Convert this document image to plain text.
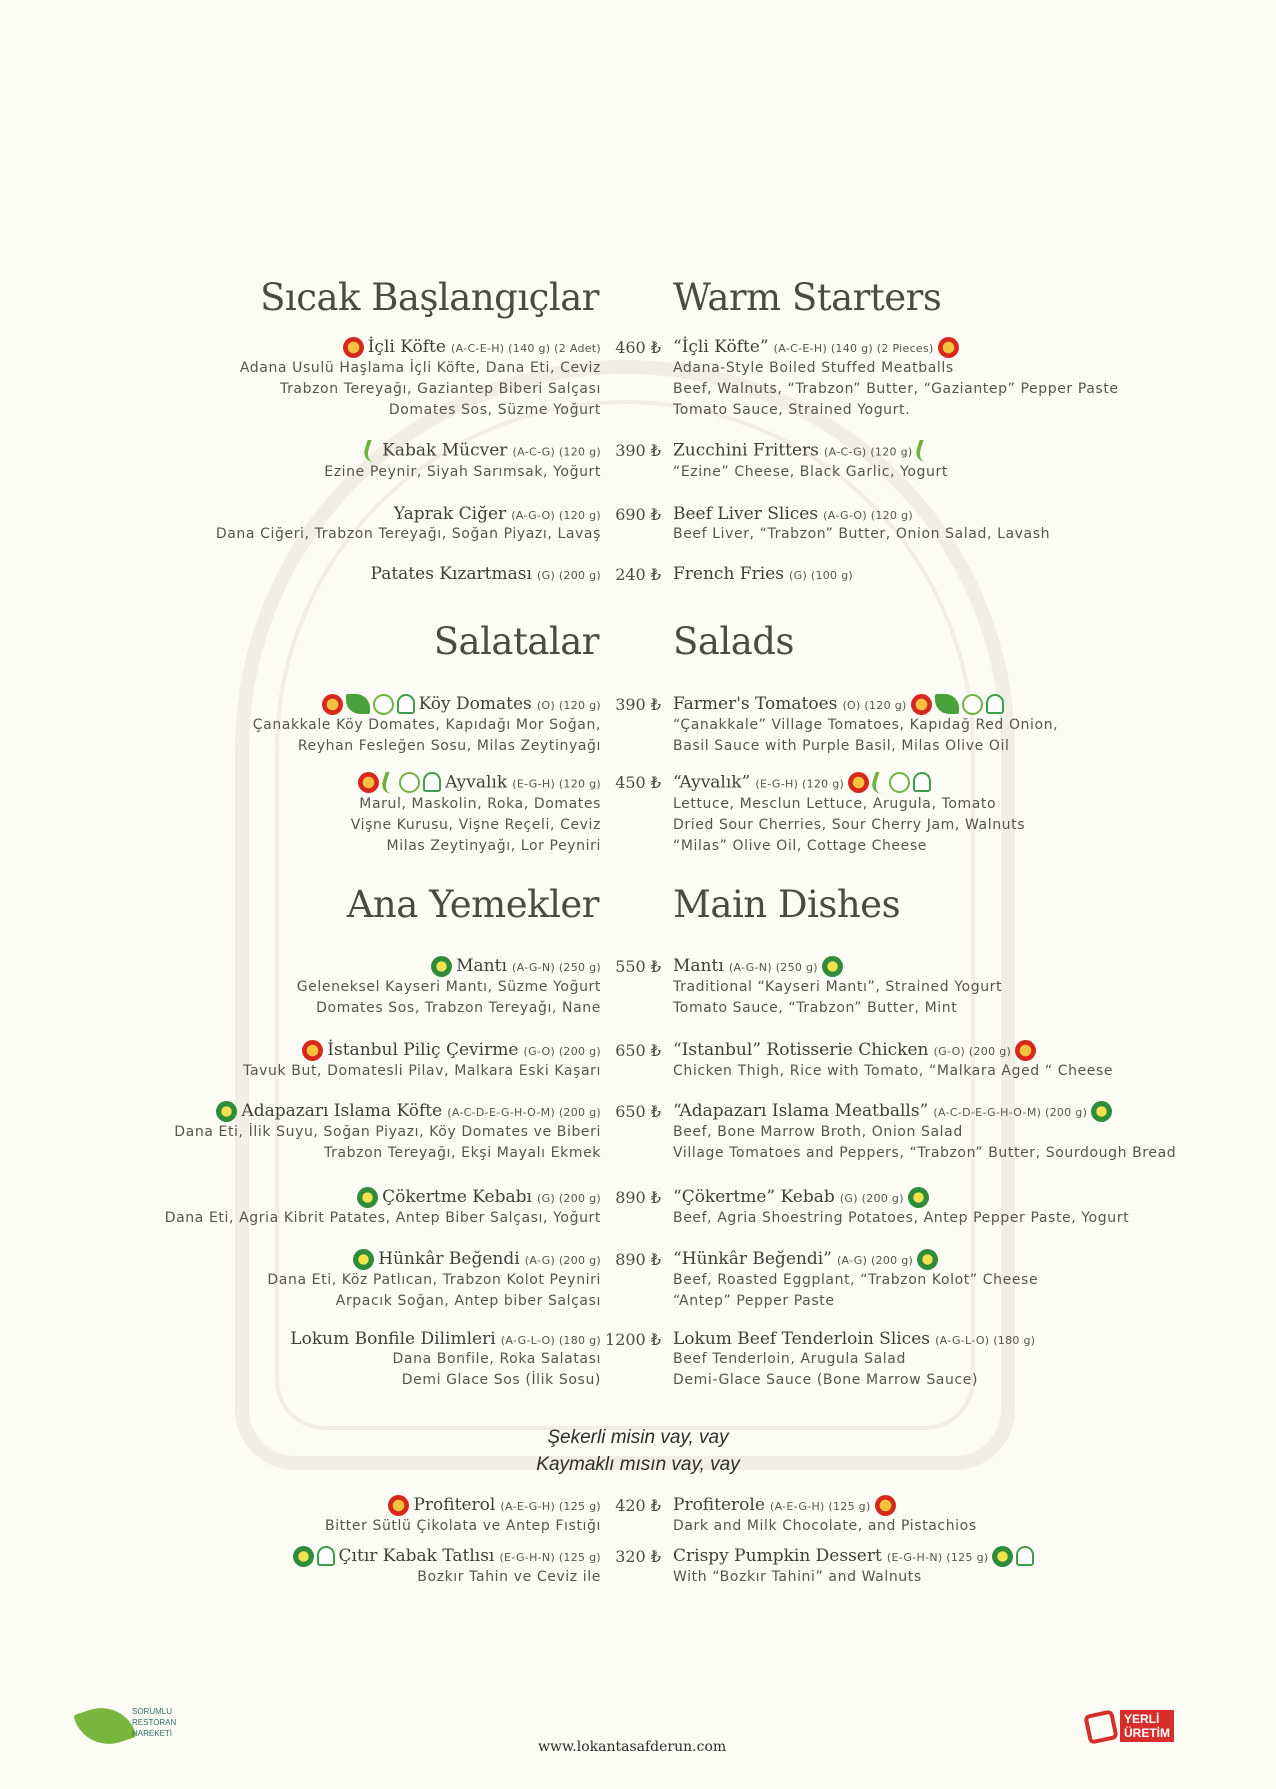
Sıcak Başlangıçlar Warm Starters
Salatalar Salads
Ana Yemekler Main Dishes
İçli Köfte (A-C-E-H) (140 g) (2 Adet)
Adana Usulü Haşlama İçli Köfte, Dana Eti, Ceviz
Trabzon Tereyağı, Gaziantep Biberi Salçası
Domates Sos, Süzme Yoğurt
“İçli Köfte” (A-C-E-H) (140 g) (2 Pieces)
Adana-Style Boiled Stuffed Meatballs
Beef, Walnuts, “Trabzon” Butter, “Gaziantep” Pepper Paste
Tomato Sauce, Strained Yogurt.
460 ₺
Kabak Mücver (A-C-G) (120 g)
Ezine Peynir, Siyah Sarımsak, Yoğurt
Zucchini Fritters (A-C-G) (120 g)
“Ezine” Cheese, Black Garlic, Yogurt
390 ₺
Yaprak Ciğer (A-G-O) (120 g)
Dana Ciğeri, Trabzon Tereyağı, Soğan Piyazı, Lavaş
Beef Liver Slices (A-G-O) (120 g)
Beef Liver, “Trabzon” Butter, Onion Salad, Lavash
690 ₺
Patates Kızartması (G) (200 g)	French Fries (G) (100 g)
240 ₺
Köy Domates (O) (120 g)
Çanakkale Köy Domates, Kapıdağı Mor Soğan,
Reyhan Fesleğen Sosu, Milas Zeytinyağı
Farmer's Tomatoes (O) (120 g)
“Çanakkale” Village Tomatoes, Kapıdağ Red Onion,
Basil Sauce with Purple Basil, Milas Olive Oil
390 ₺
Ayvalık (E-G-H) (120 g)
Marul, Maskolin, Roka, Domates
Vişne Kurusu, Vişne Reçeli, Ceviz
Milas Zeytinyağı, Lor Peyniri
“Ayvalık” (E-G-H) (120 g)
Lettuce, Mesclun Lettuce, Arugula, Tomato
Dried Sour Cherries, Sour Cherry Jam, Walnuts
“Milas” Olive Oil, Cottage Cheese
450 ₺
Mantı (A-G-N) (250 g)
Geleneksel Kayseri Mantı, Süzme Yoğurt
Domates Sos, Trabzon Tereyağı, Nane
Mantı (A-G-N) (250 g)
Traditional “Kayseri Mantı”, Strained Yogurt
Tomato Sauce, “Trabzon” Butter, Mint
550 ₺
İstanbul Piliç Çevirme (G-O) (200 g)
Tavuk But, Domatesli Pilav, Malkara Eski Kaşarı
“Istanbul” Rotisserie Chicken (G-O) (200 g)
Chicken Thigh, Rice with Tomato, “Malkara Aged “ Cheese
650 ₺
Adapazarı Islama Köfte (A-C-D-E-G-H-O-M) (200 g)
Dana Eti, İlik Suyu, Soğan Piyazı, Köy Domates ve Biberi
Trabzon Tereyağı, Ekşi Mayalı Ekmek
“Adapazarı Islama Meatballs” (A-C-D-E-G-H-O-M) (200 g)
Beef, Bone Marrow Broth, Onion Salad
Village Tomatoes and Peppers, “Trabzon” Butter, Sourdough Bread
650 ₺
Çökertme Kebabı (G) (200 g)
Dana Eti, Agria Kibrit Patates, Antep Biber Salçası, Yoğurt
“Çökertme” Kebab (G) (200 g)
Beef, Agria Shoestring Potatoes, Antep Pepper Paste, Yogurt
890 ₺
Hünkâr Beğendi (A-G) (200 g)
Dana Eti, Köz Patlıcan, Trabzon Kolot Peyniri
Arpacık Soğan, Antep biber Salçası
“Hünkâr Beğendi” (A-G) (200 g)
Beef, Roasted Eggplant, “Trabzon Kolot” Cheese
“Antep” Pepper Paste
890 ₺
Lokum Bonfile Dilimleri (A-G-L-O) (180 g)
Dana Bonfile, Roka Salatası
Demi Glace Sos (İlik Sosu)
Lokum Beef Tenderloin Slices (A-G-L-O) (180 g)
Beef Tenderloin, Arugula Salad
Demi-Glace Sauce (Bone Marrow Sauce)
1200 ₺
Profiterol (A-E-G-H) (125 g)
Bitter Sütlü Çikolata ve Antep Fıstığı
Profiterole (A-E-G-H) (125 g)
Dark and Milk Chocolate, and Pistachios
420 ₺
Çıtır Kabak Tatlısı (E-G-H-N) (125 g)
Bozkır Tahin ve Ceviz ile
Crispy Pumpkin Dessert (E-G-H-N) (125 g)
With “Bozkır Tahini” and Walnuts
320 ₺
Şekerli misin vay, vay
Kaymaklı mısın vay, vay
SORUMLU
RESTORAN
HAREKETİ
www.lokantasafderun.com
YERLİ
ÜRETİM
